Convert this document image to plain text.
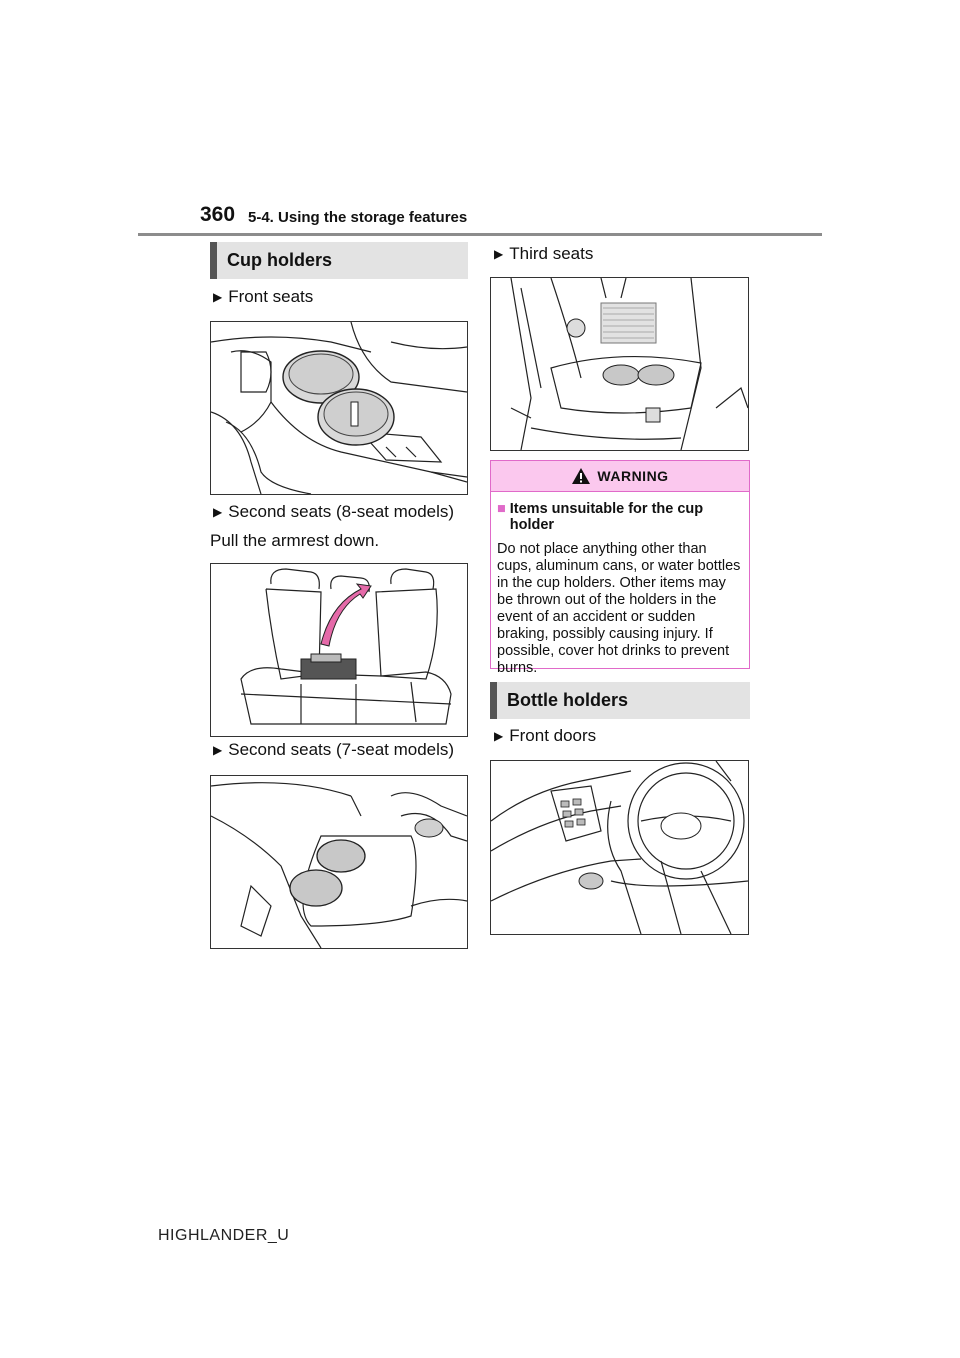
360 5-4. Using the storage features
Cup holders
▶ Front seats
▶ Second seats (8-seat models)
Pull the armrest down.
▶ Second seats (7-seat models)
▶ Third seats
WARNING
■ Items unsuitable for the cup holder
Do not place anything other than cups, aluminum cans, or water bottles in the cup holders. Other items may be thrown out of the holders in the event of an accident or sudden braking, possibly causing injury. If possible, cover hot drinks to prevent burns.
Bottle holders
▶ Front doors
HIGHLANDER_U
